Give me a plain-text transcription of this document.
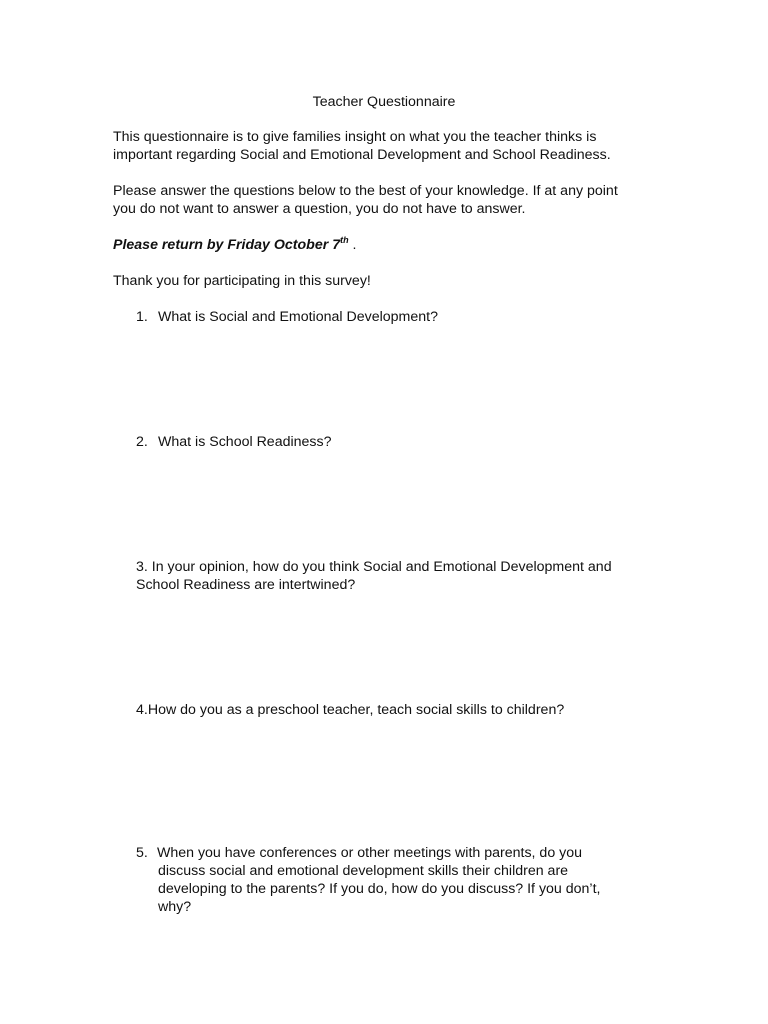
Teacher Questionnaire
This questionnaire is to give families insight on what you the teacher thinks is
important regarding Social and Emotional Development and School Readiness.
Please answer the questions below to the best of your knowledge. If at any point
you do not want to answer a question, you do not have to answer.
Please return by Friday October 7th .
Thank you for participating in this survey!
1. What is Social and Emotional Development?
2. What is School Readiness?
3. In your opinion, how do you think Social and Emotional Development and
School Readiness are intertwined?
4.How do you as a preschool teacher, teach social skills to children?
5. When you have conferences or other meetings with parents, do you
discuss social and emotional development skills their children are
developing to the parents? If you do, how do you discuss? If you don’t,
why?
